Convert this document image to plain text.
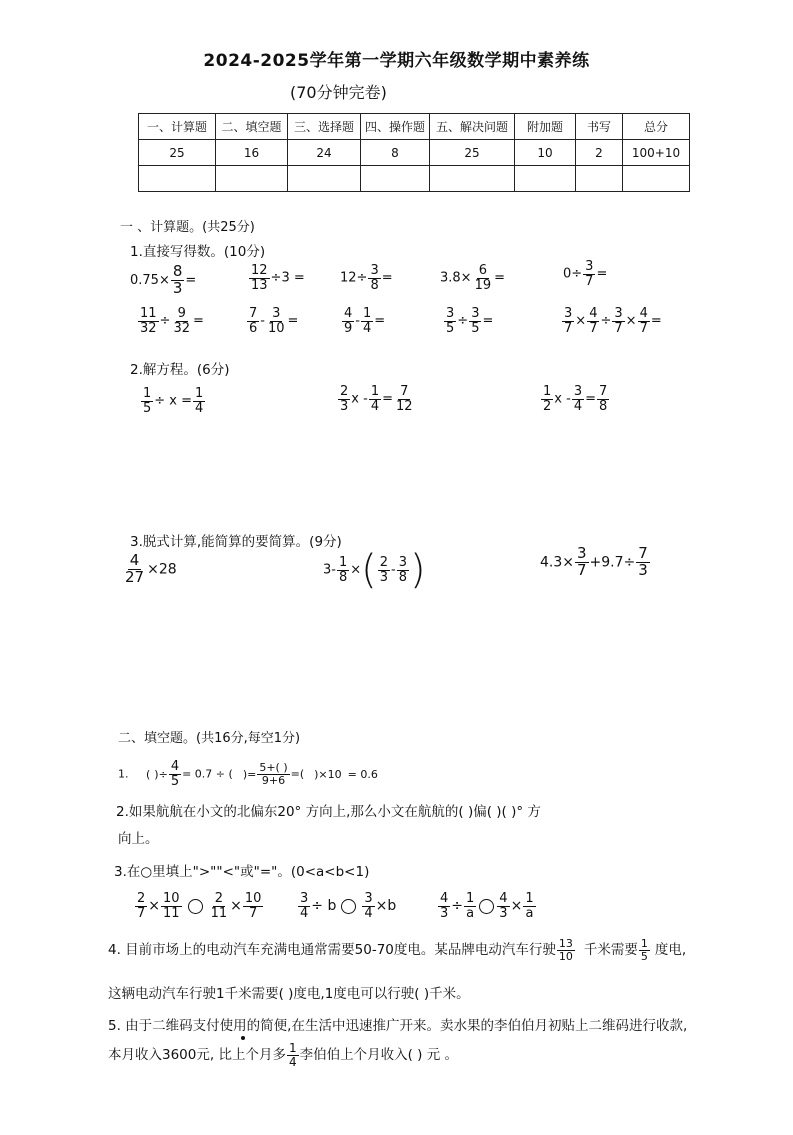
2024-2025学年第一学期六年级数学期中素养练
(70分钟完卷)
一、计算题	二、填空题	三、选择题	四、操作题	五、解决问题	附加题	书写	总分
25	16	24	8	25	10	2	100+10

一 、计算题。(共25分)
1.直接写得数。(10分)
$0.75\times \frac{8}{3}$ =	$\frac{12}{13} \div 3$ =	$12\div \frac{3}{8}$ =	$3.8\times \frac{6}{19}$ =	$0\div \frac{3}{7}$ =
$\frac{11}{32} \div \frac{9}{32}$ =	$\frac{7}{6} - \frac{3}{10}$ =	$\frac{4}{9} - \frac{1}{4}$ =	$\frac{3}{5} \div \frac{3}{5}$ =	$\frac{3}{7} \times \frac{4}{7} \div \frac{3}{7} \times \frac{4}{7}$ =
2.解方程。(6分)
$\frac{1}{5} \div x = \frac{1}{4}$	$\frac{2}{3}$ $x - \frac{1}{4} = \frac{7}{12}$	$\frac{1}{2}$ $x - \frac{3}{4} = \frac{7}{8}$
3.脱式计算,能简算的要简算。(9分)
$\frac{4}{27} \times 28$	$3- \frac{1}{8}$ ×( $\frac{2}{3} - \frac{3}{8}$ )	$4.3\times \frac{3}{7} +9.7\div \frac{7}{3}$
二、填空题。(共16分,每空1分)
1. ( )÷ $\frac{4}{5} = 0.7$ ÷ ( )= $\frac{5+( )}{9+6}$ =( )×10 = 0.6
2.如果航航在小文的北偏东20° 方向上,那么小文在航航的( )偏( )( )° 方
向上。
3.在○里填上">""<"或"="。(0<a<b<1)
$\frac{2}{7} \times \frac{10}{11} \frac{2}{11} \times \frac{10}{7}$	$\frac{3}{4} \div b \frac{3}{4} \times b$	$\frac{4}{3} \div \frac{1}{a} \frac{4}{3} \times \frac{1}{a}$
4. 目前市场上的电动汽车充满电通常需要50-70度电。某品牌电动汽车行驶 $\frac{13}{10}$ 千米需要 $\frac{1}{5}$ 度电,
这辆电动汽车行驶1千米需要( )度电,1度电可以行驶( )千米。
5. 由于二维码支付使用的简便,在生活中迅速推广开来。卖水果的李伯伯月初贴上二维码进行收款,
本月收入3600元, 比上个月多 $\frac{1}{4}$ 李伯伯上个月收入( ) 元 。
